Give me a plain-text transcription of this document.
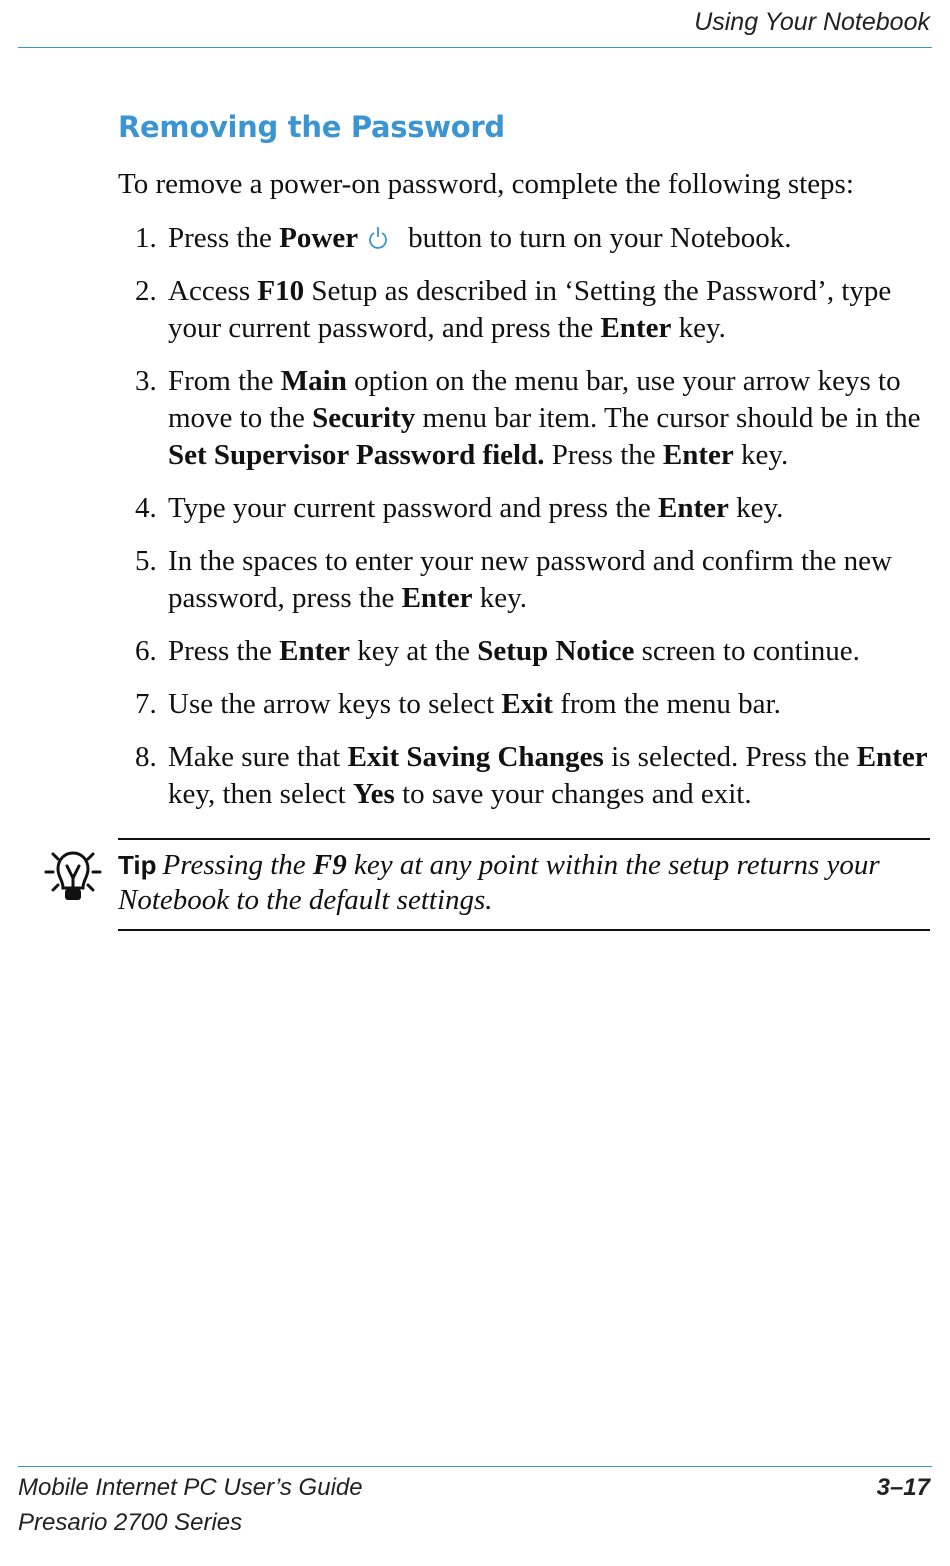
Using Your Notebook
Removing the Password

To remove a power-on password, complete the following steps:

1. Press the Power button to turn on your Notebook.
2. Access F10 Setup as described in ‘Setting the Password’, type your current password, and press the Enter key.
3. From the Main option on the menu bar, use your arrow keys to move to the Security menu bar item. The cursor should be in the Set Supervisor Password field. Press the Enter key.
4. Type your current password and press the Enter key.
5. In the spaces to enter your new password and confirm the new password, press the Enter key.
6. Press the Enter key at the Setup Notice screen to continue.
7. Use the arrow keys to select Exit from the menu bar.
8. Make sure that Exit Saving Changes is selected. Press the Enter key, then select Yes to save your changes and exit.

Tip Pressing the F9 key at any point within the setup returns your Notebook to the default settings.

Mobile Internet PC User’s Guide
Presario 2700 Series
3–17
